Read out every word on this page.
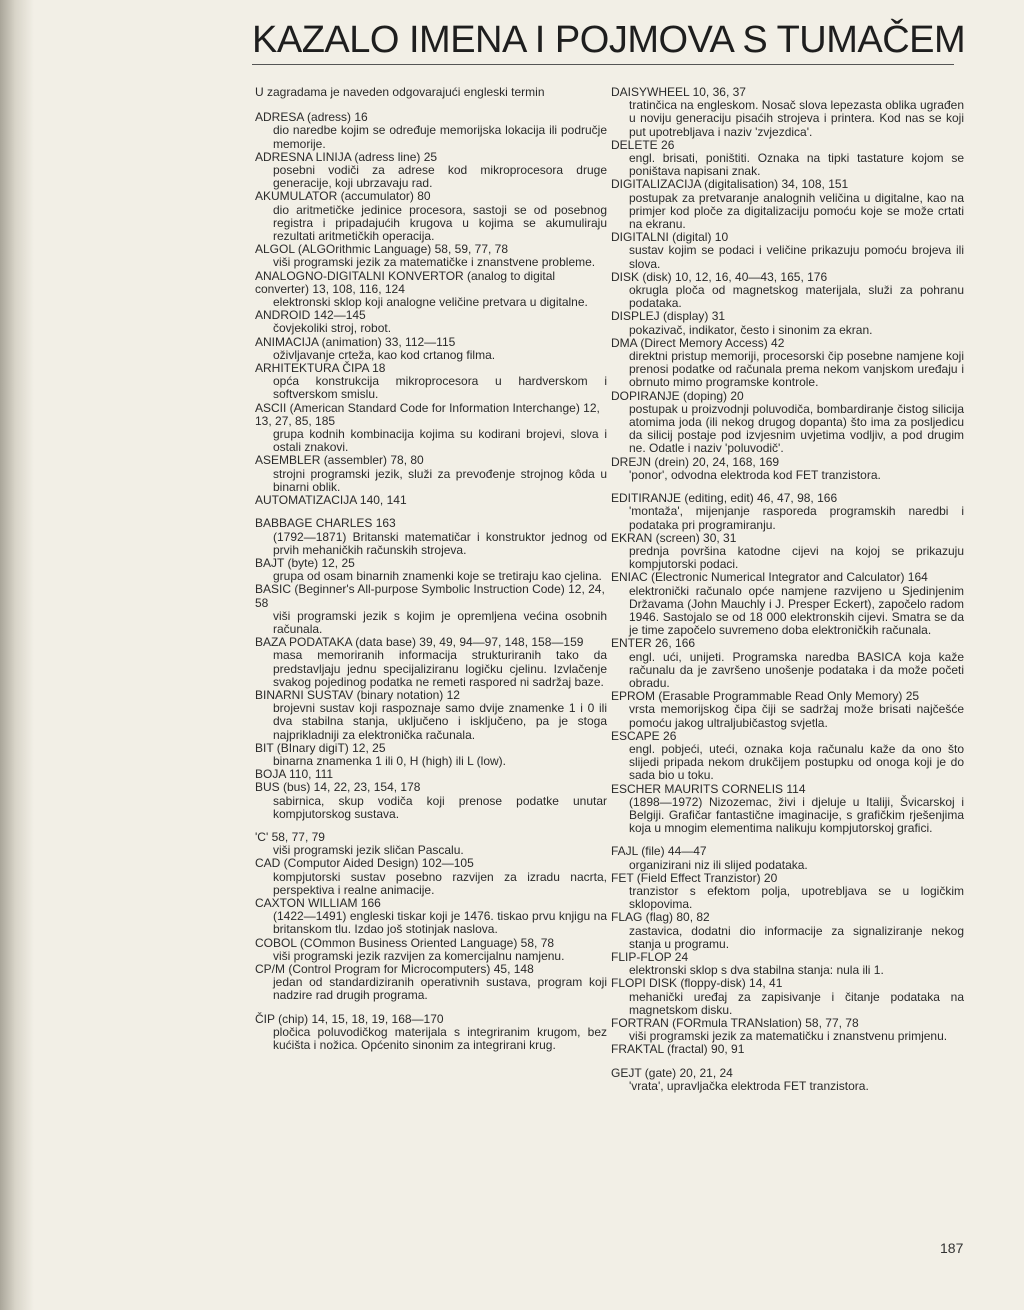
KAZALO IMENA I POJMOVA S TUMAČEM

U zagradama je naveden odgovarajući engleski termin

ADRESA (adress) 16
dio naredbe kojim se određuje memorijska lokacija ili područje memorije.

ADRESNA LINIJA (adress line) 25
posebni vodiči za adrese kod mikroprocesora druge generacije, koji ubrzavaju rad.

AKUMULATOR (accumulator) 80
dio aritmetičke jedinice procesora, sastoji se od posebnog registra i pripadajućih krugova u kojima se akumuliraju rezultati aritmetičkih operacija.

ALGOL (ALGOrithmic Language) 58, 59, 77, 78
viši programski jezik za matematičke i znanstvene probleme.

ANALOGNO-DIGITALNI KONVERTOR (analog to digital converter) 13, 108, 116, 124
elektronski sklop koji analogne veličine pretvara u digitalne.

ANDROID 142—145
čovjekoliki stroj, robot.

ANIMACIJA (animation) 33, 112—115
oživljavanje crteža, kao kod crtanog filma.

ARHITEKTURA ČIPA 18
opća konstrukcija mikroprocesora u hardverskom i softverskom smislu.

ASCII (American Standard Code for Information Interchange) 12, 13, 27, 85, 185
grupa kodnih kombinacija kojima su kodirani brojevi, slova i ostali znakovi.

ASEMBLER (assembler) 78, 80
strojni programski jezik, služi za prevođenje strojnog kôda u binarni oblik.

AUTOMATIZACIJA 140, 141

BABBAGE CHARLES 163
(1792—1871) Britanski matematičar i konstruktor jednog od prvih mehaničkih računskih strojeva.

BAJT (byte) 12, 25
grupa od osam binarnih znamenki koje se tretiraju kao cjelina.

BASIC (Beginner's All-purpose Symbolic Instruction Code) 12, 24, 58
viši programski jezik s kojim je opremljena većina osobnih računala.

BAZA PODATAKA (data base) 39, 49, 94—97, 148, 158—159
masa memoriranih informacija strukturiranih tako da predstavljaju jednu specijaliziranu logičku cjelinu. Izvlačenje svakog pojedinog podatka ne remeti raspored ni sadržaj baze.

BINARNI SUSTAV (binary notation) 12
brojevni sustav koji raspoznaje samo dvije znamenke 1 i 0 ili dva stabilna stanja, uključeno i isključeno, pa je stoga najprikladniji za elektronička računala.

BIT (BInary digiT) 12, 25
binarna znamenka 1 ili 0, H (high) ili L (low).

BOJA 110, 111

BUS (bus) 14, 22, 23, 154, 178
sabirnica, skup vodiča koji prenose podatke unutar kompjutorskog sustava.

'C' 58, 77, 79
viši programski jezik sličan Pascalu.

CAD (Computor Aided Design) 102—105
kompjutorski sustav posebno razvijen za izradu nacrta, perspektiva i realne animacije.

CAXTON WILLIAM 166
(1422—1491) engleski tiskar koji je 1476. tiskao prvu knjigu na britanskom tlu. Izdao još stotinjak naslova.

COBOL (COmmon Business Oriented Language) 58, 78
viši programski jezik razvijen za komercijalnu namjenu.

CP/M (Control Program for Microcomputers) 45, 148
jedan od standardiziranih operativnih sustava, program koji nadzire rad drugih programa.

ČIP (chip) 14, 15, 18, 19, 168—170
pločica poluvodičkog materijala s integriranim krugom, bez kućišta i nožica. Općenito sinonim za integrirani krug.

DAISYWHEEL 10, 36, 37
tratinčica na engleskom. Nosač slova lepezasta oblika ugrađen u noviju generaciju pisaćih strojeva i printera. Kod nas se koji put upotrebljava i naziv 'zvjezdica'.

DELETE 26
engl. brisati, poništiti. Oznaka na tipki tastature kojom se poništava napisani znak.

DIGITALIZACIJA (digitalisation) 34, 108, 151
postupak za pretvaranje analognih veličina u digitalne, kao na primjer kod ploče za digitalizaciju pomoću koje se može crtati na ekranu.

DIGITALNI (digital) 10
sustav kojim se podaci i veličine prikazuju pomoću brojeva ili slova.

DISK (disk) 10, 12, 16, 40—43, 165, 176
okrugla ploča od magnetskog materijala, služi za pohranu podataka.

DISPLEJ (display) 31
pokazivač, indikator, često i sinonim za ekran.

DMA (Direct Memory Access) 42
direktni pristup memoriji, procesorski čip posebne namjene koji prenosi podatke od računala prema nekom vanjskom uređaju i obrnuto mimo programske kontrole.

DOPIRANJE (doping) 20
postupak u proizvodnji poluvodiča, bombardiranje čistog silicija atomima joda (ili nekog drugog dopanta) što ima za posljedicu da silicij postaje pod izvjesnim uvjetima vodljiv, a pod drugim ne. Odatle i naziv 'poluvodič'.

DREJN (drein) 20, 24, 168, 169
'ponor', odvodna elektroda kod FET tranzistora.

EDITIRANJE (editing, edit) 46, 47, 98, 166
'montaža', mijenjanje rasporeda programskih naredbi i podataka pri programiranju.

EKRAN (screen) 30, 31
prednja površina katodne cijevi na kojoj se prikazuju kompjutorski podaci.

ENIAC (Electronic Numerical Integrator and Calculator) 164
elektronički računalo opće namjene razvijeno u Sjedinjenim Državama (John Mauchly i J. Presper Eckert), započelo radom 1946. Sastojalo se od 18 000 elektronskih cijevi. Smatra se da je time započelo suvremeno doba elektroničkih računala.

ENTER 26, 166
engl. ući, unijeti. Programska naredba BASICA koja kaže računalu da je završeno unošenje podataka i da može početi obradu.

EPROM (Erasable Programmable Read Only Memory) 25
vrsta memorijskog čipa čiji se sadržaj može brisati najčešće pomoću jakog ultraljubičastog svjetla.

ESCAPE 26
engl. pobjeći, uteći, oznaka koja računalu kaže da ono što slijedi pripada nekom drukčijem postupku od onoga koji je do sada bio u toku.

ESCHER MAURITS CORNELIS 114
(1898—1972) Nizozemac, živi i djeluje u Italiji, Švicarskoj i Belgiji. Grafičar fantastične imaginacije, s grafičkim rješenjima koja u mnogim elementima nalikuju kompjutorskoj grafici.

FAJL (file) 44—47
organizirani niz ili slijed podataka.

FET (Field Effect Tranzistor) 20
tranzistor s efektom polja, upotrebljava se u logičkim sklopovima.

FLAG (flag) 80, 82
zastavica, dodatni dio informacije za signaliziranje nekog stanja u programu.

FLIP-FLOP 24
elektronski sklop s dva stabilna stanja: nula ili 1.

FLOPI DISK (floppy-disk) 14, 41
mehanički uređaj za zapisivanje i čitanje podataka na magnetskom disku.

FORTRAN (FORmula TRANslation) 58, 77, 78
viši programski jezik za matematičku i znanstvenu primjenu.

FRAKTAL (fractal) 90, 91

GEJT (gate) 20, 21, 24
'vrata', upravljačka elektroda FET tranzistora.

187
